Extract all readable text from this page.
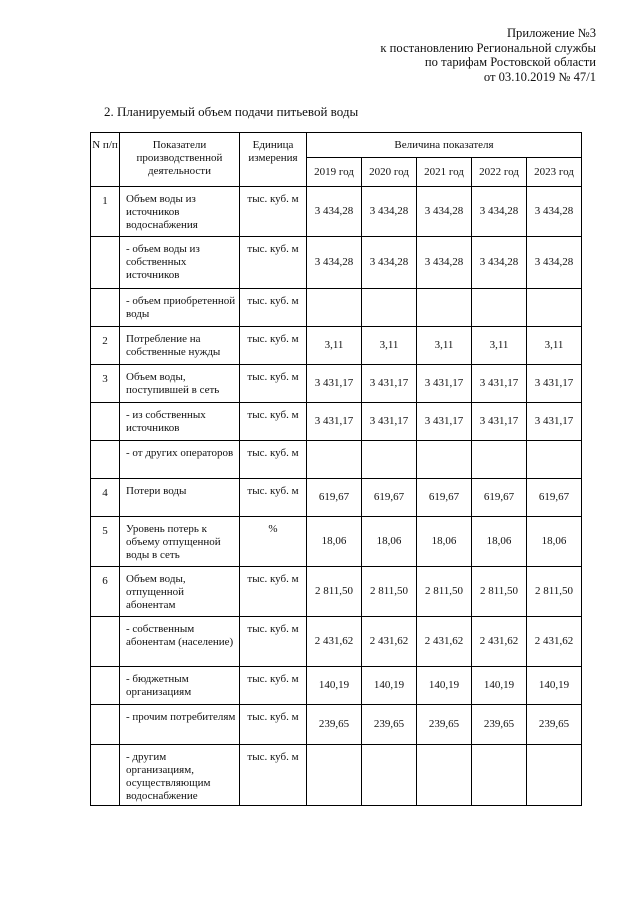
Приложение №3
к постановлению Региональной службы
по тарифам Ростовской области
от 03.10.2019 № 47/1
2. Планируемый объем подачи питьевой воды
N п/п	Показатели производственной деятельности	Единица измерения	Величина показателя				
			2019 год	2020 год	2021 год	2022 год	2023 год
1	Объем воды из источников водоснабжения	тыс. куб. м	3 434,28	3 434,28	3 434,28	3 434,28	3 434,28
	- объем воды из собственных источников	тыс. куб. м	3 434,28	3 434,28	3 434,28	3 434,28	3 434,28
	- объем приобретенной воды	тыс. куб. м					
2	Потребление на собственные нужды	тыс. куб. м	3,11	3,11	3,11	3,11	3,11
3	Объем воды, поступившей в сеть	тыс. куб. м	3 431,17	3 431,17	3 431,17	3 431,17	3 431,17
	- из собственных источников	тыс. куб. м	3 431,17	3 431,17	3 431,17	3 431,17	3 431,17
	- от других операторов	тыс. куб. м					
4	Потери воды	тыс. куб. м	619,67	619,67	619,67	619,67	619,67
5	Уровень потерь к объему отпущенной воды в сеть	%	18,06	18,06	18,06	18,06	18,06
6	Объем воды, отпущенной абонентам	тыс. куб. м	2 811,50	2 811,50	2 811,50	2 811,50	2 811,50
	- собственным абонентам (население)	тыс. куб. м	2 431,62	2 431,62	2 431,62	2 431,62	2 431,62
	- бюджетным организациям	тыс. куб. м	140,19	140,19	140,19	140,19	140,19
	- прочим потребителям	тыс. куб. м	239,65	239,65	239,65	239,65	239,65
	- другим организациям, осуществляющим водоснабжение	тыс. куб. м					
